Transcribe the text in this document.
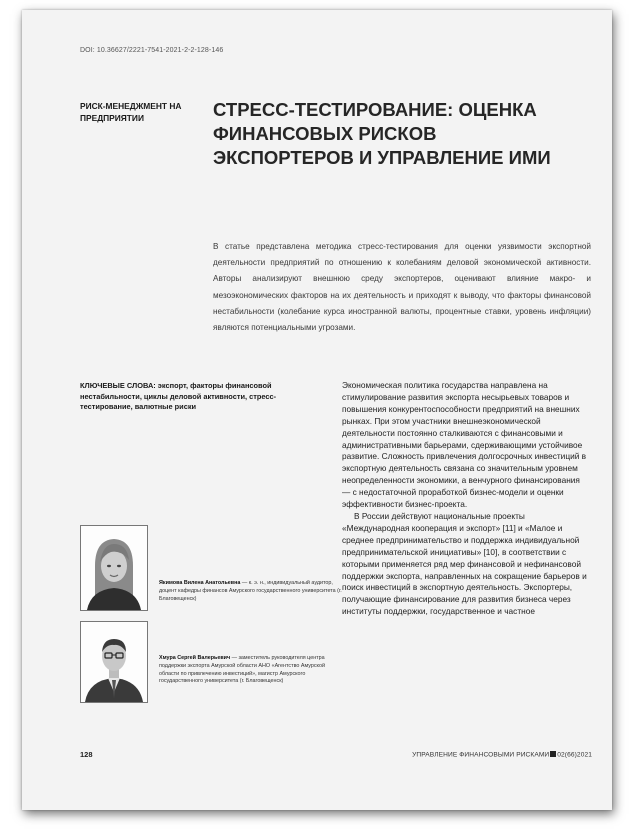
DOI: 10.36627/2221-7541-2021-2-2-128-146
РИСК-МЕНЕДЖМЕНТ НА ПРЕДПРИЯТИИ	СТРЕСС-ТЕСТИРОВАНИЕ: ОЦЕНКА ФИНАНСОВЫХ РИСКОВ ЭКСПОРТЕРОВ И УПРАВЛЕНИЕ ИМИ
В статье представлена методика стресс-тестирования для оценки уязвимости экспортной деятельности предприятий по отношению к колебаниям деловой экономической активности. Авторы анализируют внешнюю среду экспортеров, оценивают влияние макро- и мезоэкономических факторов на их деятельность и приходят к выводу, что факторы финансовой нестабильности (колебание курса иностранной валюты, процентные ставки, уровень инфляции) являются потенциальными угрозами.
КЛЮЧЕВЫЕ СЛОВА: экспорт, факторы финансовой нестабильности, циклы деловой активности, стресс-тестирование, валютные риски
Якимова Вилена Анатольевна — к. э. н., индивидуальный аудитор, доцент кафедры финансов Амурского государственного университета (г. Благовещенск)
Хмура Сергей Валерьевич — заместитель руководителя центра поддержки экспорта Амурской области АНО «Агентство Амурской области по привлечению инвестиций», магистр Амурского государственного университета (г. Благовещенск)

Экономическая политика государства направлена на стимулирование развития экспорта несырьевых товаров и повышения конкурентоспособности предприятий на внешних рынках. При этом участники внешнеэкономической деятельности постоянно сталкиваются с финансовыми и административными барьерами, сдерживающими устойчивое развитие. Сложность привлечения долгосрочных инвестиций в экспортную деятельность связана со значительным уровнем неопределенности экономики, а венчурного финансирования — с недостаточной проработкой бизнес-модели и оценки эффективности бизнес-проекта.

В России действуют национальные проекты «Международная кооперация и экспорт» [11] и «Малое и среднее предпринимательство и поддержка индивидуальной предпринимательской инициативы» [10], в соответствии с которыми применяется ряд мер финансовой и нефинансовой поддержки экспорта, направленных на сокращение барьеров и поиск инвестиций в экспортную деятельность. Экспортеры, получающие финансирование для развития бизнеса через институты поддержки, государственное и частное

128	УПРАВЛЕНИЕ ФИНАНСОВЫМИ РИСКАМИ 02(66)2021
